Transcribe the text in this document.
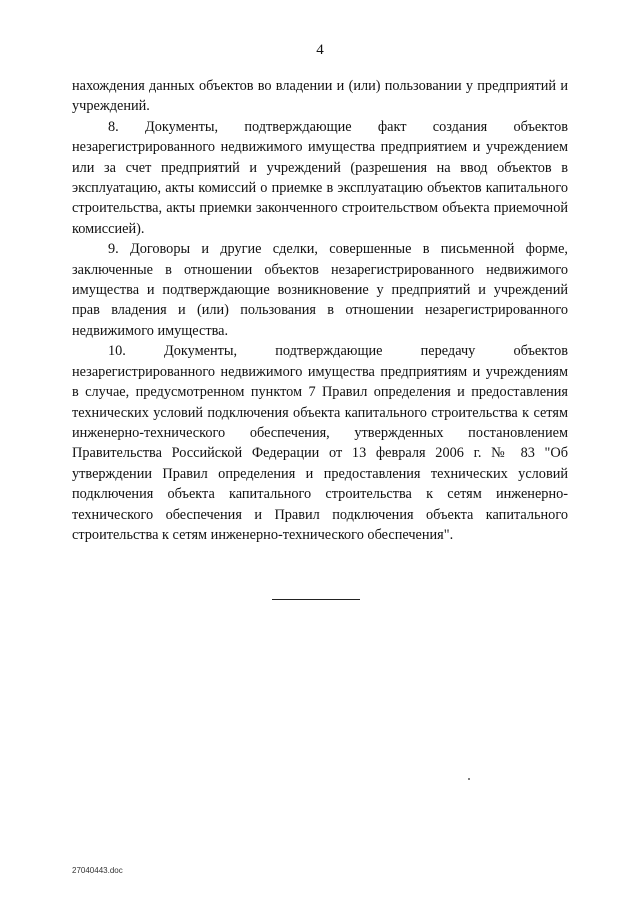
4

нахождения данных объектов во владении и (или) пользовании у предприятий и учреждений.

8. Документы, подтверждающие факт создания объектов незарегистрированного недвижимого имущества предприятием и учреждением или за счет предприятий и учреждений (разрешения на ввод объектов в эксплуатацию, акты комиссий о приемке в эксплуатацию объектов капитального строительства, акты приемки законченного строительством объекта приемочной комиссией).

9. Договоры и другие сделки, совершенные в письменной форме, заключенные в отношении объектов незарегистрированного недвижимого имущества и подтверждающие возникновение у предприятий и учреждений прав владения и (или) пользования в отношении незарегистрированного недвижимого имущества.

10. Документы, подтверждающие передачу объектов незарегистрированного недвижимого имущества предприятиям и учреждениям в случае, предусмотренном пунктом 7 Правил определения и предоставления технических условий подключения объекта капитального строительства к сетям инженерно-технического обеспечения, утвержденных постановлением Правительства Российской Федерации от 13 февраля 2006 г. № 83 "Об утверждении Правил определения и предоставления технических условий подключения объекта капитального строительства к сетям инженерно-технического обеспечения и Правил подключения объекта капитального строительства к сетям инженерно-технического обеспечения".

27040443.doc
